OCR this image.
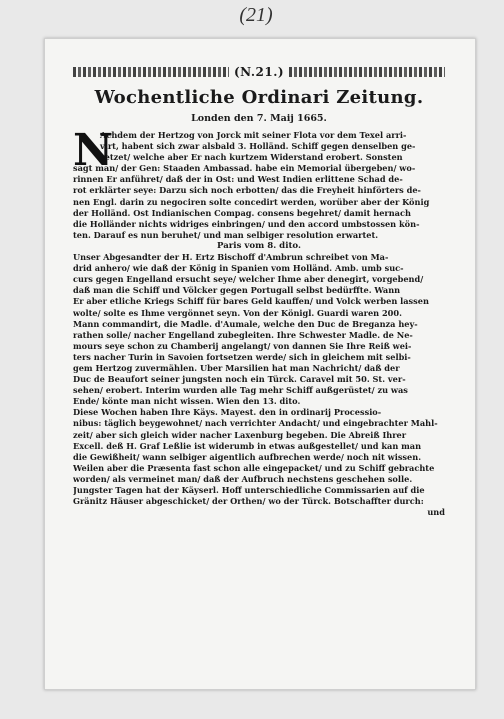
(21)
(N.21.)
Wochentliche Ordinari Zeitung.
Londen den 7. Maij 1665.
N
Achdem der Hertzog von Jorck mit seiner Flota vor dem Texel arri-
virt, habent sich zwar alsbald 3. Holländ. Schiff gegen denselben ge-
setzet/ welche aber Er nach kurtzem Widerstand erobert. Sonsten
sagt man/ der Gen: Staaden Ambassad. habe ein Memorial übergeben/ wo-
rinnen Er anführet/ daß der in Ost: und West Indien erlittene Schad de-
rot erklärter seye: Darzu sich noch erbotten/ das die Freyheit hinförters de-
nen Engl. darin zu negociren solte concedirt werden, worüber aber der König
der Holländ. Ost Indianischen Compag. consens begehret/ damit hernach
die Holländer nichts widriges einbringen/ und den accord umbstossen kön-
ten. Darauf es nun beruhet/ und man selbiger resolution erwartet.
Paris vom 8. dito.
Unser Abgesandter der H. Ertz Bischoff d'Ambrun schreibet von Ma-
drid anhero/ wie daß der König in Spanien vom Holländ. Amb. umb suc-
curs gegen Engelland ersucht seye/ welcher Ihme aber denegirt, vorgebend/
daß man die Schiff und Völcker gegen Portugall selbst bedürffte. Wann
Er aber etliche Kriegs Schiff für bares Geld kauffen/ und Volck werben lassen
wolte/ solte es Ihme vergönnet seyn. Von der Königl. Guardi waren 200.
Mann commandirt, die Madle. d'Aumale, welche den Duc de Breganza hey-
rathen solle/ nacher Engelland zubegleiten. Ihre Schwester Madle. de Ne-
mours seye schon zu Chamberij angelangt/ von dannen Sie Ihre Reiß wei-
ters nacher Turin in Savoien fortsetzen werde/ sich in gleichem mit selbi-
gem Hertzog zuvermählen. Uber Marsilien hat man Nachricht/ daß der
Duc de Beaufort seiner jungsten noch ein Türck. Caravel mit 50. St. ver-
sehen/ erobert. Interim wurden alle Tag mehr Schiff außgerüstet/ zu was
Ende/ könte man nicht wissen. Wien den 13. dito.
Diese Wochen haben Ihre Käys. Mayest. den in ordinarij Processio-
nibus: täglich beygewohnet/ nach verrichter Andacht/ und eingebrachter Mahl-
zeit/ aber sich gleich wider nacher Laxenburg begeben. Die Abreiß Ihrer
Excell. deß H. Graf Leßlie ist widerumb in etwas außgestellet/ und kan man
die Gewißheit/ wann selbiger aigentlich aufbrechen werde/ noch nit wissen.
Weilen aber die Præsenta fast schon alle eingepacket/ und zu Schiff gebrachte
worden/ als vermeinet man/ daß der Aufbruch nechstens geschehen solle.
Jungster Tagen hat der Käyserl. Hoff unterschiedliche Commissarien auf die
Gränitz Häuser abgeschicket/ der Orthen/ wo der Türck. Botschaffter durch:
und
